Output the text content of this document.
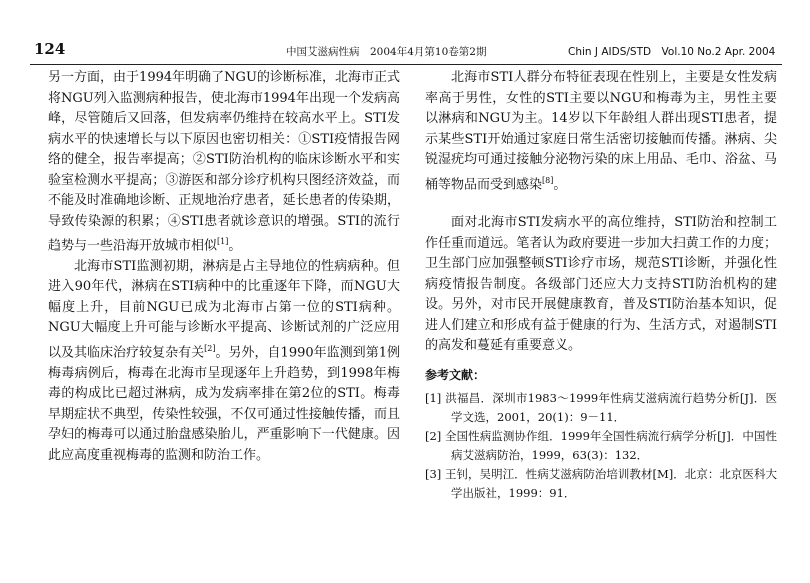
124	中国艾滋病性病　2004年4月第10卷第2期	Chin J AIDS/STD　Vol.10 No.2 Apr. 2004

另一方面，由于1994年明确了NGU的诊断标准，北海市正式将NGU列入监测病种报告，使北海市1994年出现一个发病高峰，尽管随后又回落，但发病率仍维持在较高水平上。STI发病水平的快速增长与以下原因也密切相关：①STI疫情报告网络的健全，报告率提高；②STI防治机构的临床诊断水平和实验室检测水平提高；③游医和部分诊疗机构只图经济效益，而不能及时准确地诊断、正规地治疗患者，延长患者的传染期，导致传染源的积累；④STI患者就诊意识的增强。STI的流行趋势与一些沿海开放城市相似[1]。

北海市STI监测初期，淋病是占主导地位的性病病种。但进入90年代，淋病在STI病种中的比重逐年下降，而NGU大幅度上升，目前NGU已成为北海市占第一位的STI病种。NGU大幅度上升可能与诊断水平提高、诊断试剂的广泛应用以及其临床治疗较复杂有关[2]。另外，自1990年监测到第1例梅毒病例后，梅毒在北海市呈现逐年上升趋势，到1998年梅毒的构成比已超过淋病，成为发病率排在第2位的STI。梅毒早期症状不典型，传染性较强，不仅可通过性接触传播，而且孕妇的梅毒可以通过胎盘感染胎儿，严重影响下一代健康。因此应高度重视梅毒的监测和防治工作。

北海市STI人群分布特征表现在性别上，主要是女性发病率高于男性，女性的STI主要以NGU和梅毒为主，男性主要以淋病和NGU为主。14岁以下年龄组人群出现STI患者，提示某些STI开始通过家庭日常生活密切接触而传播。淋病、尖锐湿疣均可通过接触分泌物污染的床上用品、毛巾、浴盆、马桶等物品而受到感染[8]。

面对北海市STI发病水平的高位维持，STI防治和控制工作任重而道远。笔者认为政府要进一步加大扫黄工作的力度；卫生部门应加强整顿STI诊疗市场，规范STI诊断，并强化性病疫情报告制度。各级部门还应大力支持STI防治机构的建设。另外，对市民开展健康教育，普及STI防治基本知识，促进人们建立和形成有益于健康的行为、生活方式，对遏制STI的高发和蔓延有重要意义。

参考文献：

[1] 洪福昌．深圳市1983～1999年性病艾滋病流行趋势分析[J]．医学文选，2001，20(1)：9－11．

[2] 全国性病监测协作组．1999年全国性病流行病学分析[J]．中国性病艾滋病防治，1999，63(3)：132．

[3] 王钊，吴明江．性病艾滋病防治培训教材[M]．北京：北京医科大学出版社，1999：91．
